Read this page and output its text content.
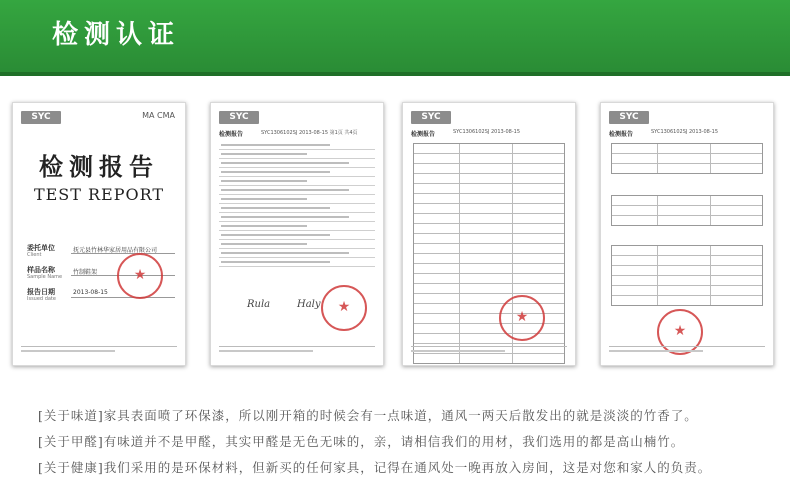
检测认证
SYC	MA CMA
检测报告
TEST REPORT
委托单位
Client
抚元县竹林华家居用品有限公司
样品名称
Sample Name
竹制鞋架
报告日期
Issued date
2013-08-15
★
SYC
检测报告	SYC1306102SJ 2013-08-15 第1页 共4页
Rula	Haly	★
SYC
检测报告	SYC1306102SJ 2013-08-15
★
SYC
检测报告	SYC1306102SJ 2013-08-15
★
[关于味道]家具表面喷了环保漆，所以刚开箱的时候会有一点味道，通风一两天后散发出的就是淡淡的竹香了。
[关于甲醛]有味道并不是甲醛，其实甲醛是无色无味的，亲，请相信我们的用材，我们选用的都是高山楠竹。
[关于健康]我们采用的是环保材料，但新买的任何家具，记得在通风处一晚再放入房间，这是对您和家人的负责。
